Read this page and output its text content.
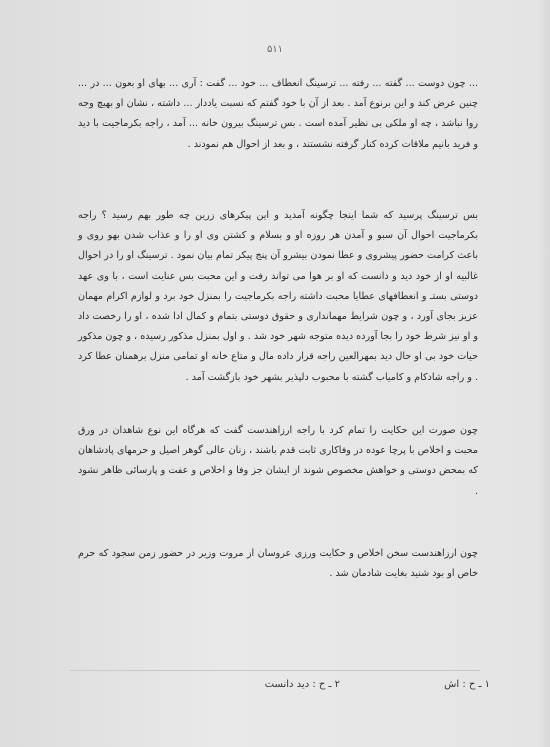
۵۱۱
... چون دوست ... گفته ... رفته ... ترسینگ انعطاف ... خود ... گفت : آری ... بهای او بعون ... در ... چنین عرض کند و این برنوع آمد . بعد از آن با خود گفتم که نسبت یاددار ... داشته ، نشان او بهیچ وجه روا نباشد ، چه او ملکی بی نظیر آمده است . بس ترسینگ بیرون خانه ... آمد ، راجه بکرماجیت با دید و فرید بانیم ملاقات کرده کنار گرفته نشستند ، و بعد از احوال هم نمودند .
بس ترسینگ پرسید که شما اینجا چگونه آمدید و این پیکرهای زرین چه طور بهم رسید ؟ راجه بکرماجیت احوال آن سبو و آمدن هر روزه او و بسلام و کشتن وی او را و عذاب شدن بهو روی و باعث کرامت حضور پیشروی و عطا نمودن بیشرو آن پنج پیکر تمام بیان نمود . ترسینگ او را در احوال غالبیه او از خود دید و دانست که او بر هوا می تواند رفت و این محبت بس عنایت است ، با وی عهد دوستی بستـ و انعطافهای عطایا محبت داشته راجه بکرماجیت را بمنزل خود برد و لوازم اکرام مهمان عزیز بجای آورد ، و چون شرایط مهمانداری و حقوق دوستی بتمام و کمال ادا شده ، او را رخصت داد و او نیز شرط خود را بجا آورده دیده متوجه شهر خود شد . و اول بمنزل مذکور رسیده ، و چون مذکور حیات خود بی او حال دید بمهرالعین راجه قرار داده مال و متاع خانه او تمامی منزل برهمنان عطا کرد . و راجه شادکام و کامیاب گشته با محبوب دلپذیر بشهر خود بازگشت آمد .
چون صورت این حکایت را تمام کرد با راجه ارزاهندست گفت که هرگاه این نوع شاهدان در ورق محبت و اخلاص با پرچا عوده در وفاکاری ثابت قدم باشند ، زنان عالی گوهر اصیل و حرمهای پادشاهان که بمحض دوستی و خواهش مخصوص شوند از ایشان جز وفا و اخلاص و عفت و پارسائی ظاهر نشود .
چون ارزاهندست سخن اخلاص و حکایت ورزی عروسان از مروت وزیر در حضور زمن سجود که حرم خاص او بود شنید بغایت شادمان شد .
۱ ـ ح : اش
۲ ـ ح : دید دانست
